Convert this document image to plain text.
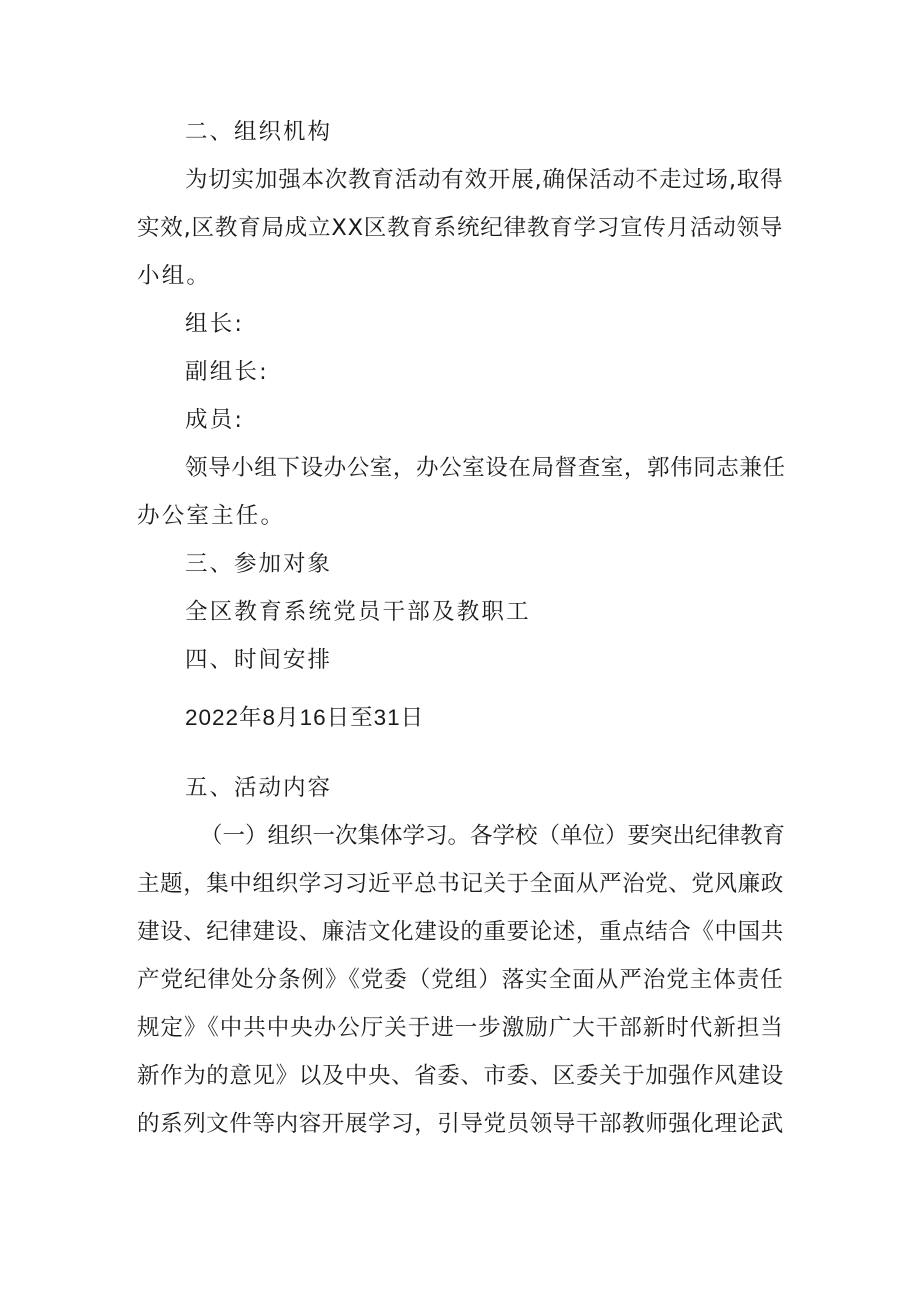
二、组织机构
为切实加强本次教育活动有效开展,确保活动不走过场,取得
实效,区教育局成立XX区教育系统纪律教育学习宣传月活动领导
小组。
组长:
副组长:
成员:
领导小组下设办公室，办公室设在局督查室，郭伟同志兼任
办公室主任。
三、参加对象
全区教育系统党员干部及教职工
四、时间安排
2022年8月16日至31日
五、活动内容
（一）组织一次集体学习。各学校（单位）要突出纪律教育
主题，集中组织学习习近平总书记关于全面从严治党、党风廉政
建设、纪律建设、廉洁文化建设的重要论述，重点结合《中国共
产党纪律处分条例》《党委（党组）落实全面从严治党主体责任
规定》《中共中央办公厅关于进一步激励广大干部新时代新担当
新作为的意见》以及中央、省委、市委、区委关于加强作风建设
的系列文件等内容开展学习，引导党员领导干部教师强化理论武
